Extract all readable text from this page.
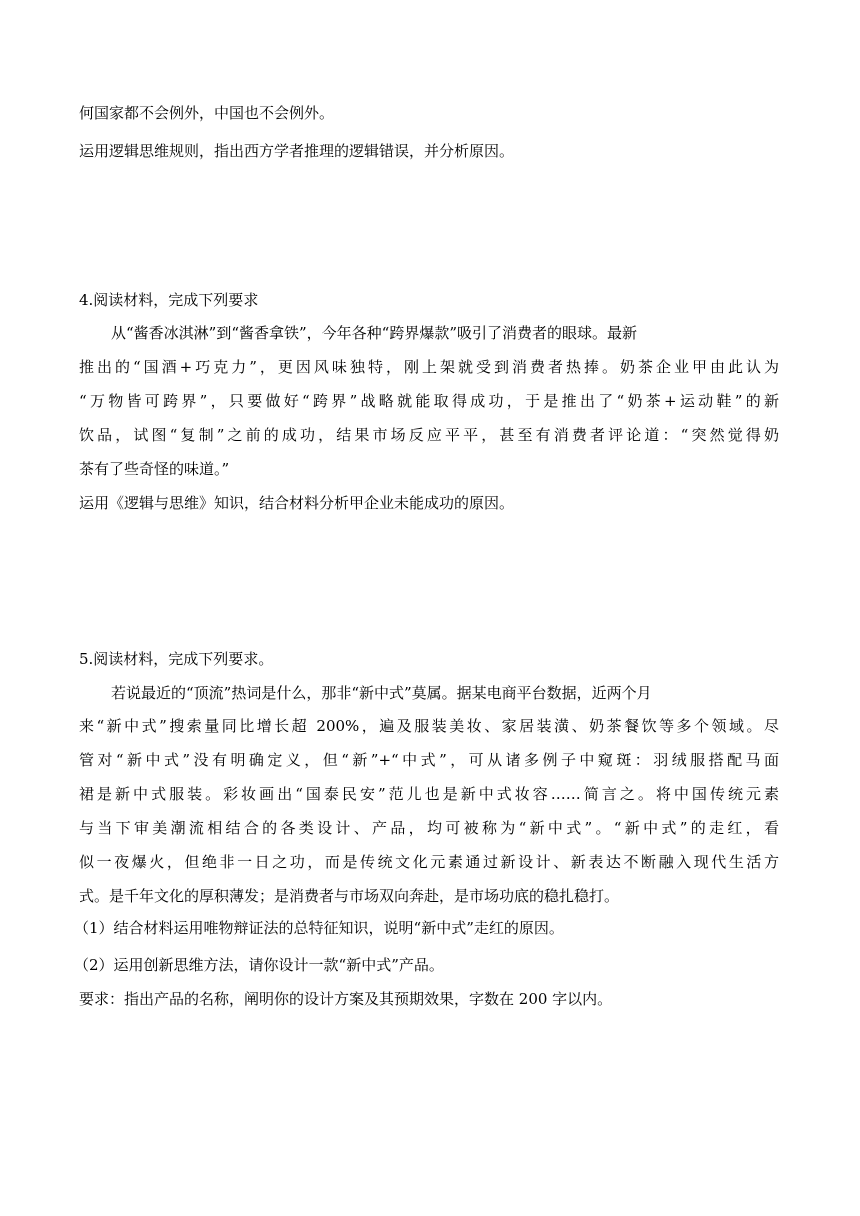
何国家都不会例外，中国也不会例外。
运用逻辑思维规则，指出西方学者推理的逻辑错误，并分析原因。
4.阅读材料，完成下列要求
从“酱香冰淇淋”到“酱香拿铁”，今年各种“跨界爆款”吸引了消费者的眼球。最新
推出的“国酒+巧克力”，更因风味独特，刚上架就受到消费者热捧。奶茶企业甲由此认为
“万物皆可跨界”，只要做好“跨界”战略就能取得成功，于是推出了“奶茶+运动鞋”的新
饮品，试图“复制”之前的成功，结果市场反应平平，甚至有消费者评论道：“突然觉得奶
茶有了些奇怪的味道。”
运用《逻辑与思维》知识，结合材料分析甲企业未能成功的原因。
5.阅读材料，完成下列要求。
若说最近的“顶流”热词是什么，那非“新中式”莫属。据某电商平台数据，近两个月
来“新中式”搜索量同比增长超 200%，遍及服装美妆、家居装潢、奶茶餐饮等多个领域。尽
管对“新中式”没有明确定义，但“新”+“中式”，可从诸多例子中窥斑：羽绒服搭配马面
裙是新中式服装。彩妆画出“国泰民安”范儿也是新中式妆容……简言之。将中国传统元素
与当下审美潮流相结合的各类设计、产品，均可被称为“新中式”。“新中式”的走红，看
似一夜爆火，但绝非一日之功，而是传统文化元素通过新设计、新表达不断融入现代生活方
式。是千年文化的厚积薄发；是消费者与市场双向奔赴，是市场功底的稳扎稳打。
（1）结合材料运用唯物辩证法的总特征知识，说明“新中式”走红的原因。
（2）运用创新思维方法，请你设计一款“新中式”产品。
要求：指出产品的名称，阐明你的设计方案及其预期效果，字数在 200 字以内。
